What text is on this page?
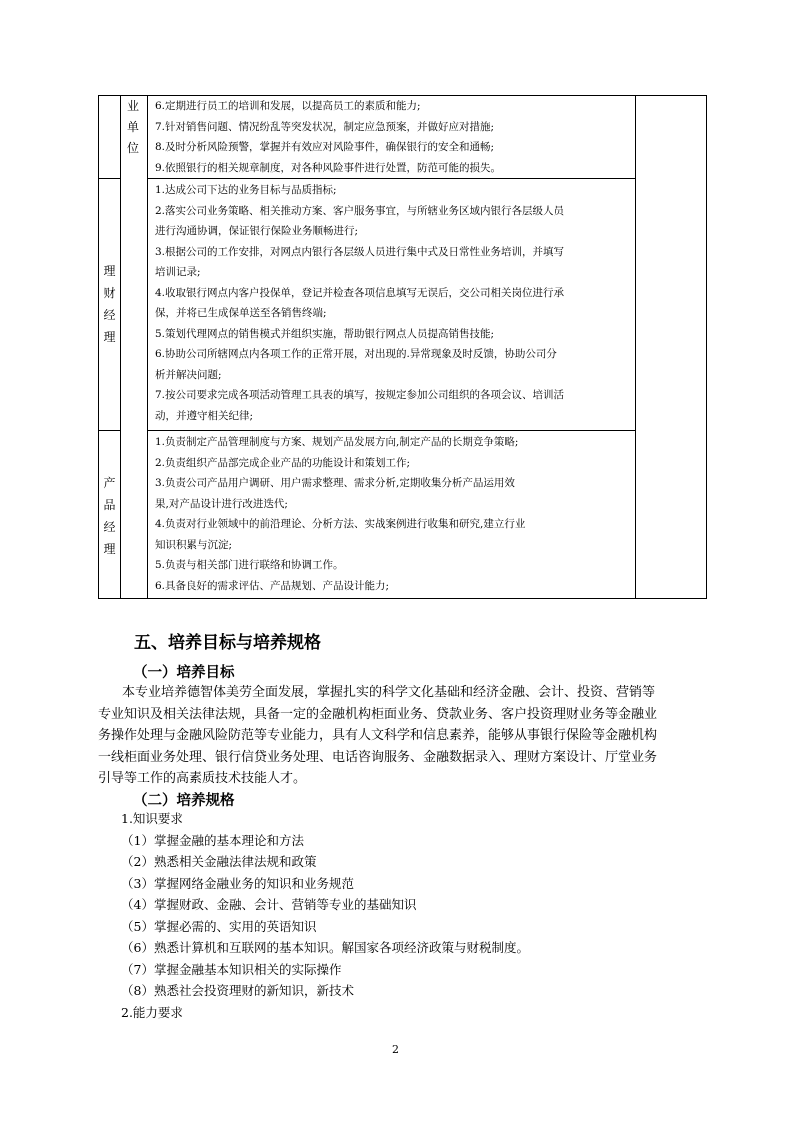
业
单
位
6.定期进行员工的培训和发展，以提高员工的素质和能力;
7.针对销售问题、情况纷乱等突发状况，制定应急预案，并做好应对措施;
8.及时分析风险预警，掌握并有效应对风险事件，确保银行的安全和通畅;
9.依照银行的相关规章制度，对各种风险事件进行处置，防范可能的损失。
理
财
经
理
1.达成公司下达的业务目标与品质指标;
2.落实公司业务策略、相关推动方案、客户服务事宜，与所辖业务区域内银行各层级人员
进行沟通协调，保证银行保险业务顺畅进行;
3.根据公司的工作安排，对网点内银行各层级人员进行集中式及日常性业务培训，并填写
培训记录;
4.收取银行网点内客户投保单，登记并检查各项信息填写无误后，交公司相关岗位进行承
保，并将已生成保单送至各销售终端;
5.策划代理网点的销售模式并组织实施，帮助银行网点人员提高销售技能;
6.协助公司所辖网点内各项工作的正常开展，对出现的.异常现象及时反馈，协助公司分
析并解决问题;
7.按公司要求完成各项活动管理工具表的填写，按规定参加公司组织的各项会议、培训活
动，并遵守相关纪律;
产
品
经
理
1.负责制定产品管理制度与方案、规划产品发展方向,制定产品的长期竞争策略;
2.负责组织产品部完成企业产品的功能设计和策划工作;
3.负责公司产品用户调研、用户需求整理、需求分析,定期收集分析产品运用效
果,对产品设计进行改进迭代;
4.负责对行业领域中的前沿理论、分析方法、实战案例进行收集和研究,建立行业
知识积累与沉淀;
5.负责与相关部门进行联络和协调工作。
6.具备良好的需求评估、产品规划、产品设计能力;
五、培养目标与培养规格
（一）培养目标
本专业培养德智体美劳全面发展，掌握扎实的科学文化基础和经济金融、会计、投资、营销等
专业知识及相关法律法规，具备一定的金融机构柜面业务、贷款业务、客户投资理财业务等金融业
务操作处理与金融风险防范等专业能力，具有人文科学和信息素养，能够从事银行保险等金融机构
一线柜面业务处理、银行信贷业务处理、电话咨询服务、金融数据录入、理财方案设计、厅堂业务
引导等工作的高素质技术技能人才。
（二）培养规格
1.知识要求
（1）掌握金融的基本理论和方法
（2）熟悉相关金融法律法规和政策
（3）掌握网络金融业务的知识和业务规范
（4）掌握财政、金融、会计、营销等专业的基础知识
（5）掌握必需的、实用的英语知识
（6）熟悉计算机和互联网的基本知识。解国家各项经济政策与财税制度。
（7）掌握金融基本知识相关的实际操作
（8）熟悉社会投资理财的新知识，新技术
2.能力要求
2
